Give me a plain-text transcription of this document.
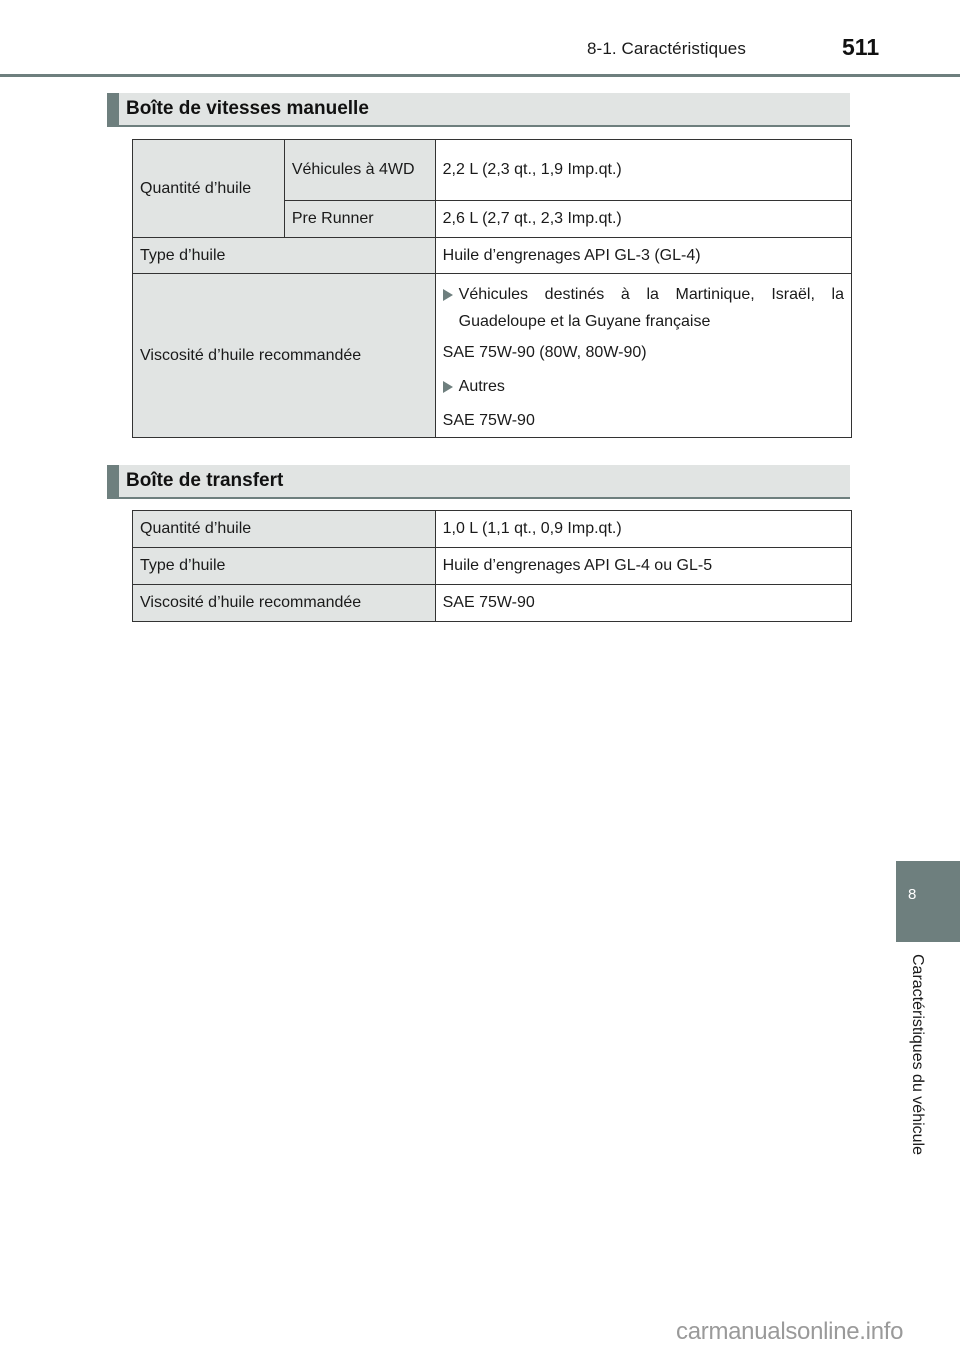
8-1. Caractéristiques	511
Boîte de vitesses manuelle
Quantité d’huile	Véhicules à 4WD	2,2 L (2,3 qt., 1,9 Imp.qt.)
	Pre Runner	2,6 L (2,7 qt., 2,3 Imp.qt.)
Type d’huile		Huile d’engrenages API GL-3 (GL-4)
Viscosité d’huile recommandée		Véhicules destinés à la Martinique, Israël, la Guadeloupe et la Guyane française

SAE 75W-90 (80W, 80W-90)

Autres

SAE 75W-90

Boîte de transfert
Quantité d’huile	1,0 L (1,1 qt., 0,9 Imp.qt.)
Type d’huile	Huile d’engrenages API GL-4 ou GL-5
Viscosité d’huile recommandée	SAE 75W-90
8
Caractéristiques du véhicule
carmanualsonline.info
